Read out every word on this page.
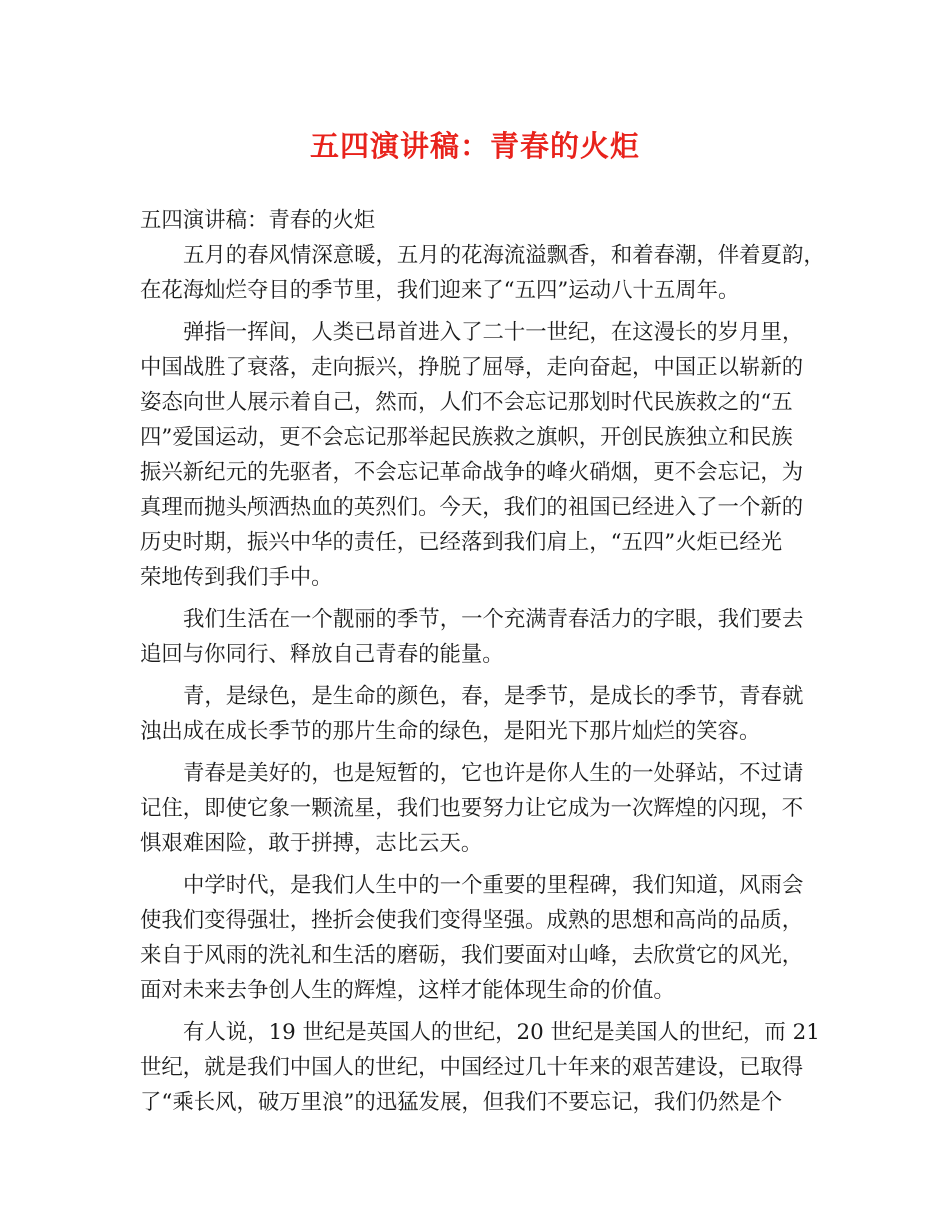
五四演讲稿：青春的火炬
五四演讲稿：青春的火炬
五月的春风情深意暖，五月的花海流溢飘香，和着春潮，伴着夏韵，
在花海灿烂夺目的季节里，我们迎来了“五四”运动八十五周年。
弹指一挥间，人类已昂首进入了二十一世纪，在这漫长的岁月里，
中国战胜了衰落，走向振兴，挣脱了屈辱，走向奋起，中国正以崭新的
姿态向世人展示着自己，然而，人们不会忘记那划时代民族救之的“五
四”爱国运动，更不会忘记那举起民族救之旗帜，开创民族独立和民族
振兴新纪元的先驱者，不会忘记革命战争的峰火硝烟，更不会忘记，为
真理而抛头颅洒热血的英烈们。今天，我们的祖国已经进入了一个新的
历史时期，振兴中华的责任，已经落到我们肩上，“五四”火炬已经光
荣地传到我们手中。
我们生活在一个靓丽的季节，一个充满青春活力的字眼，我们要去
追回与你同行、释放自己青春的能量。
青，是绿色，是生命的颜色，春，是季节，是成长的季节，青春就
浊出成在成长季节的那片生命的绿色，是阳光下那片灿烂的笑容。
青春是美好的，也是短暂的，它也许是你人生的一处驿站，不过请
记住，即使它象一颗流星，我们也要努力让它成为一次辉煌的闪现，不
惧艰难困险，敢于拼搏，志比云天。
中学时代，是我们人生中的一个重要的里程碑，我们知道，风雨会
使我们变得强壮，挫折会使我们变得坚强。成熟的思想和高尚的品质，
来自于风雨的洗礼和生活的磨砺，我们要面对山峰，去欣赏它的风光，
面对未来去争创人生的辉煌，这样才能体现生命的价值。
有人说，19 世纪是英国人的世纪，20 世纪是美国人的世纪，而 21
世纪，就是我们中国人的世纪，中国经过几十年来的艰苦建设，已取得
了“乘长风，破万里浪”的迅猛发展，但我们不要忘记，我们仍然是个
